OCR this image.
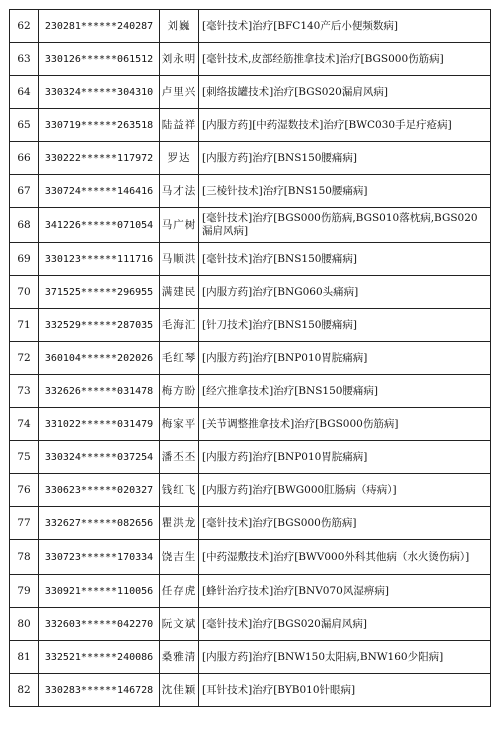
62	230281******240287	刘巍	[毫针技术]治疗[BFC140产后小便频数病]
63	330126******061512	刘永明	[毫针技术,皮部经筋推拿技术]治疗[BGS000伤筋病]
64	330324******304310	卢里兴	[刺络拔罐技术]治疗[BGS020漏肩风病]
65	330719******263518	陆益祥	[内服方药][中药湿数技术]治疗[BWC030手足疔疮病]
66	330222******117972	罗达	[内服方药]治疗[BNS150腰痛病]
67	330724******146416	马才法	[三棱针技术]治疗[BNS150腰痛病]
68	341226******071054	马广树	[毫针技术]治疗[BGS000伤筋病,BGS010落枕病,BGS020漏肩风病]
69	330123******111716	马顺洪	[毫针技术]治疗[BNS150腰痛病]
70	371525******296955	满建民	[内服方药]治疗[BNG060头痛病]
71	332529******287035	毛海汇	[针刀技术]治疗[BNS150腰痛病]
72	360104******202026	毛红琴	[内服方药]治疗[BNP010胃脘痛病]
73	332626******031478	梅方盼	[经穴推拿技术]治疗[BNS150腰痛病]
74	331022******031479	梅家平	[关节调整推拿技术]治疗[BGS000伤筋病]
75	330324******037254	潘丕丕	[内服方药]治疗[BNP010胃脘痛病]
76	330623******020327	钱红飞	[内服方药]治疗[BWG000肛肠病（痔病）]
77	332627******082656	瞿洪龙	[毫针技术]治疗[BGS000伤筋病]
78	330723******170334	饶吉生	[中药湿敷技术]治疗[BWV000外科其他病（水火烫伤病）]
79	330921******110056	任存虎	[蜂针治疗技术]治疗[BNV070风湿痹病]
80	332603******042270	阮文斌	[毫针技术]治疗[BGS020漏肩风病]
81	332521******240086	桑雅清	[内服方药]治疗[BNW150太阳病,BNW160少阳病]
82	330283******146728	沈佳颖	[耳针技术]治疗[BYB010针眼病]
